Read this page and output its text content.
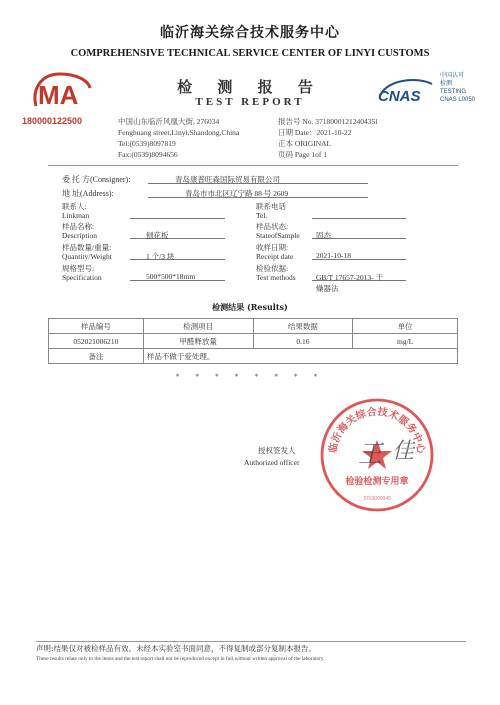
临沂海关综合技术服务中心
COMPREHENSIVE TECHNICAL SERVICE CENTER OF LINYI CUSTOMS
MA
180000122500
检 测 报 告
TEST REPORT	CNAS
中国认可
检测
TESTING
CNAS L0050
中国山东临沂风凰大街, 276034
Fenghuang street,Linyi,Shandong,China
Tel:(0539)8097819
Fax:(0539)8094656
报告号 No. 3718000121240435l
日期 Date：2021-10-22
正本 ORIGINAL
页码 Page 1of 1
委 托 方(Consigner):	青岛康普旺森国际贸易有限公司
地 址(Address):	青岛市市北区辽宁路 88 号 2609
联系人:
Linkman
联系电话
Tel.
样品名称:
Description	刨花板
样品状态:
StateofSample 固态
样品数量/重量:
Quantity/Weight	1 个/3 块
收样日期:
Receipt date	2021-10-18
规格型号:
Specification	500*500*18mm
检验依据:
Test methods	GB/T 17657-2013- 干
燥器法
检测结果 (Results)
样品编号	检测项目	结果数据	单位
052021006210	甲醛释放量	0.16	mg/L
备注	样品不做于爱处理。		
* * * * * * * *
授权签发人
Authorized officer
临沂海关综合技术服务中心
检验检测专用章
3713000045
王 佳
声明:结果仅对被检样品有效。未经本实验室书面同意，不得复制或部分复制本报告。
These results relate only to the items and the test report shall not be reproduced except in full,without written approval of the laboratory.
